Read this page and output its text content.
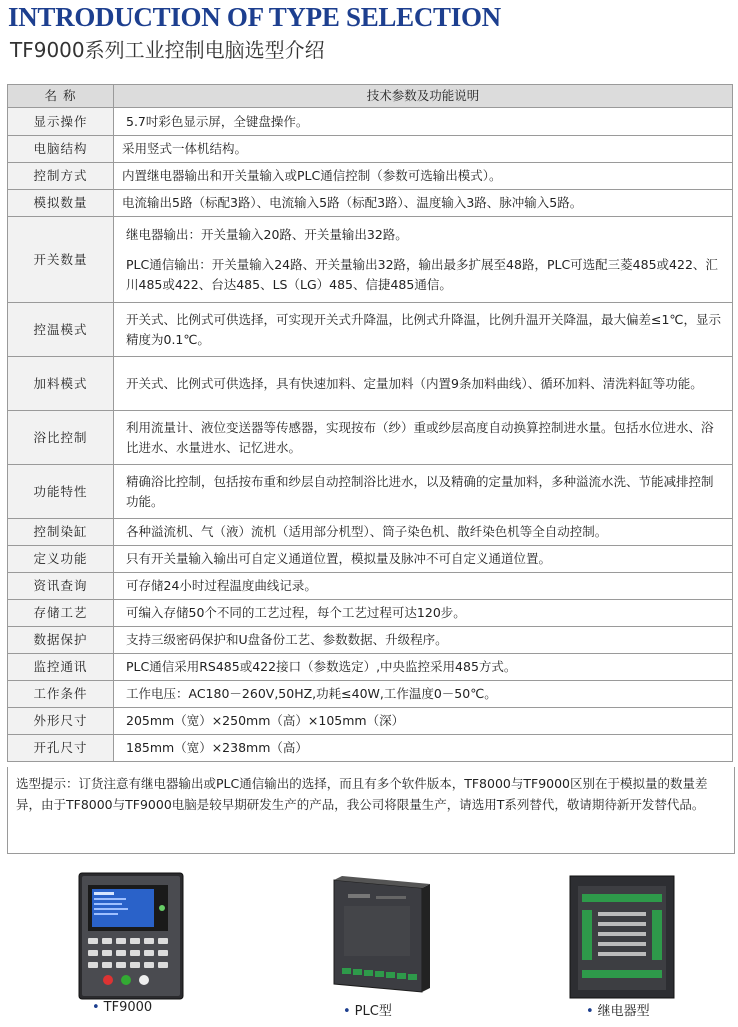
INTRODUCTION OF TYPE SELECTION
TF9000系列工业控制电脑选型介绍
名 称	技术参数及功能说明
显示操作	5.7吋彩色显示屏，全键盘操作。

电脑结构	采用竖式一体机结构。

控制方式	内置继电器输出和开关量输入或PLC通信控制（参数可选输出模式）。

模拟数量	电流输出5路（标配3路）、电流输入5路（标配3路）、温度输入3路、脉冲输入5路。

开关数量	继电器输出：开关量输入20路、开关量输出32路。
PLC通信输出：开关量输入24路、开关量输出32路，输出最多扩展至48路，PLC可选配三菱485或422、汇川485或422、台达485、LS（LG）485、信捷485通信。

控温模式	开关式、比例式可供选择，可实现开关式升降温，比例式升降温，比例升温开关降温，最大偏差≤1℃，显示精度为0.1℃。

加料模式	开关式、比例式可供选择，具有快速加料、定量加料（内置9条加料曲线）、循环加料、清洗料缸等功能。

浴比控制	利用流量计、液位变送器等传感器，实现按布（纱）重或纱层高度自动换算控制进水量。包括水位进水、浴比进水、水量进水、记忆进水。

功能特性	精确浴比控制，包括按布重和纱层自动控制浴比进水，以及精确的定量加料，多种溢流水洗、节能减排控制功能。

控制染缸	各种溢流机、气（液）流机（适用部分机型）、筒子染色机、散纤染色机等全自动控制。

定义功能	只有开关量输入输出可自定义通道位置，模拟量及脉冲不可自定义通道位置。

资讯查询	可存储24小时过程温度曲线记录。

存储工艺	可编入存储50个不同的工艺过程，每个工艺过程可达120步。

数据保护	支持三级密码保护和U盘备份工艺、参数数据、升级程序。

监控通讯	PLC通信采用RS485或422接口（参数选定）,中央监控采用485方式。

工作条件	工作电压：AC180－260V,50HZ,功耗≤40W,工作温度0－50℃。

外形尺寸	205mm（宽）×250mm（高）×105mm（深）

开孔尺寸	185mm（宽）×238mm（高）
选型提示：订货注意有继电器输出或PLC通信输出的选择，而且有多个软件版本，TF8000与TF9000区别在于模拟量的数量差异，由于TF8000与TF9000电脑是较早期研发生产的产品，我公司将限量生产，请选用T系列替代，敬请期待新开发替代品。
• TF9000	• PLC型	• 继电器型
